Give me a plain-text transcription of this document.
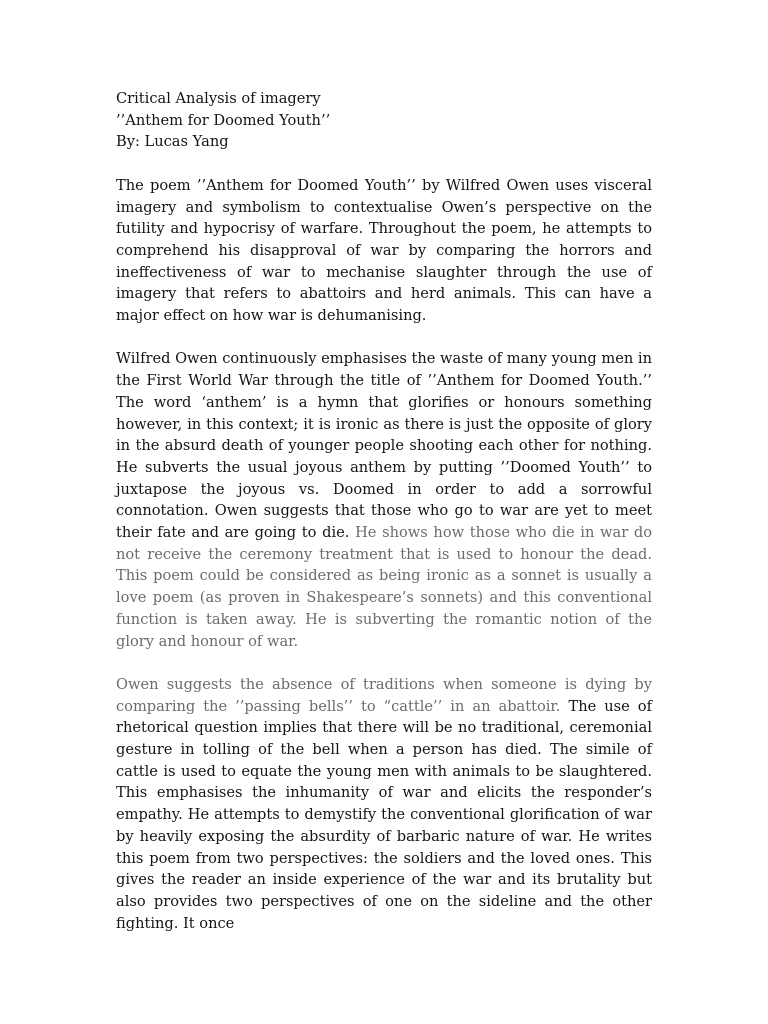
Critical Analysis of imagery
’’Anthem for Doomed Youth’’
By: Lucas Yang

The poem ’’Anthem for Doomed Youth’’ by Wilfred Owen uses visceral imagery and symbolism to contextualise Owen’s perspective on the futility and hypocrisy of warfare. Throughout the poem, he attempts to comprehend his disapproval of war by comparing the horrors and ineffectiveness of war to mechanise slaughter through the use of imagery that refers to abattoirs and herd animals. This can have a major effect on how war is dehumanising.

Wilfred Owen continuously emphasises the waste of many young men in the First World War through the title of ’’Anthem for Doomed Youth.’’ The word ‘anthem’ is a hymn that glorifies or honours something however, in this context; it is ironic as there is just the opposite of glory in the absurd death of younger people shooting each other for nothing. He subverts the usual joyous anthem by putting ’’Doomed Youth’’ to juxtapose the joyous vs. Doomed in order to add a sorrowful connotation. Owen suggests that those who go to war are yet to meet their fate and are going to die. He shows how those who die in war do not receive the ceremony treatment that is used to honour the dead. This poem could be considered as being ironic as a sonnet is usually a love poem (as proven in Shakespeare’s sonnets) and this conventional function is taken away. He is subverting the romantic notion of the glory and honour of war.

Owen suggests the absence of traditions when someone is dying by comparing the ’’passing bells’’ to “cattle’’ in an abattoir. The use of rhetorical question implies that there will be no traditional, ceremonial gesture in tolling of the bell when a person has died. The simile of cattle is used to equate the young men with animals to be slaughtered. This emphasises the inhumanity of war and elicits the responder’s empathy. He attempts to demystify the conventional glorification of war by heavily exposing the absurdity of barbaric nature of war. He writes this poem from two perspectives: the soldiers and the loved ones. This gives the reader an inside experience of the war and its brutality but also provides two perspectives of one on the sideline and the other fighting. It once
